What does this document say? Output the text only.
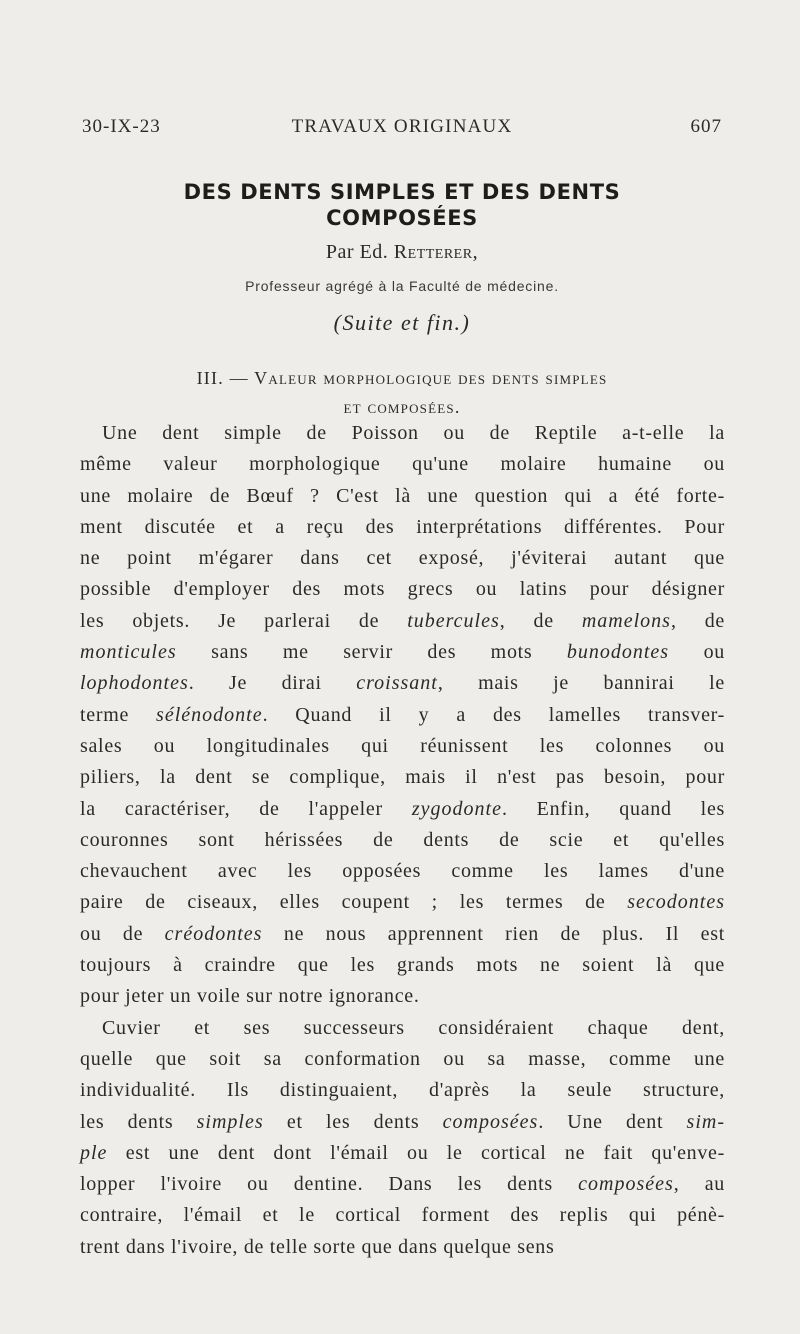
30-IX-23	TRAVAUX ORIGINAUX	607
DES DENTS SIMPLES ET DES DENTS
COMPOSÉES
Par Ed. Retterer,
Professeur agrégé à la Faculté de médecine.
(Suite et fin.)
III. — Valeur morphologique des dents simples
et composées.
Une dent simple de Poisson ou de Reptile a-t-elle la
même valeur morphologique qu'une molaire humaine ou
une molaire de Bœuf ? C'est là une question qui a été forte-
ment discutée et a reçu des interprétations différentes. Pour
ne point m'égarer dans cet exposé, j'éviterai autant que
possible d'employer des mots grecs ou latins pour désigner
les objets. Je parlerai de tubercules, de mamelons, de
monticules sans me servir des mots bunodontes ou
lophodontes. Je dirai croissant, mais je bannirai le
terme sélénodonte. Quand il y a des lamelles transver-
sales ou longitudinales qui réunissent les colonnes ou
piliers, la dent se complique, mais il n'est pas besoin, pour
la caractériser, de l'appeler zygodonte. Enfin, quand les
couronnes sont hérissées de dents de scie et qu'elles
chevauchent avec les opposées comme les lames d'une
paire de ciseaux, elles coupent ; les termes de secodontes
ou de créodontes ne nous apprennent rien de plus. Il est
toujours à craindre que les grands mots ne soient là que
pour jeter un voile sur notre ignorance.
Cuvier et ses successeurs considéraient chaque dent,
quelle que soit sa conformation ou sa masse, comme une
individualité. Ils distinguaient, d'après la seule structure,
les dents simples et les dents composées. Une dent sim-
ple est une dent dont l'émail ou le cortical ne fait qu'enve-
lopper l'ivoire ou dentine. Dans les dents composées, au
contraire, l'émail et le cortical forment des replis qui pénè-
trent dans l'ivoire, de telle sorte que dans quelque sens
